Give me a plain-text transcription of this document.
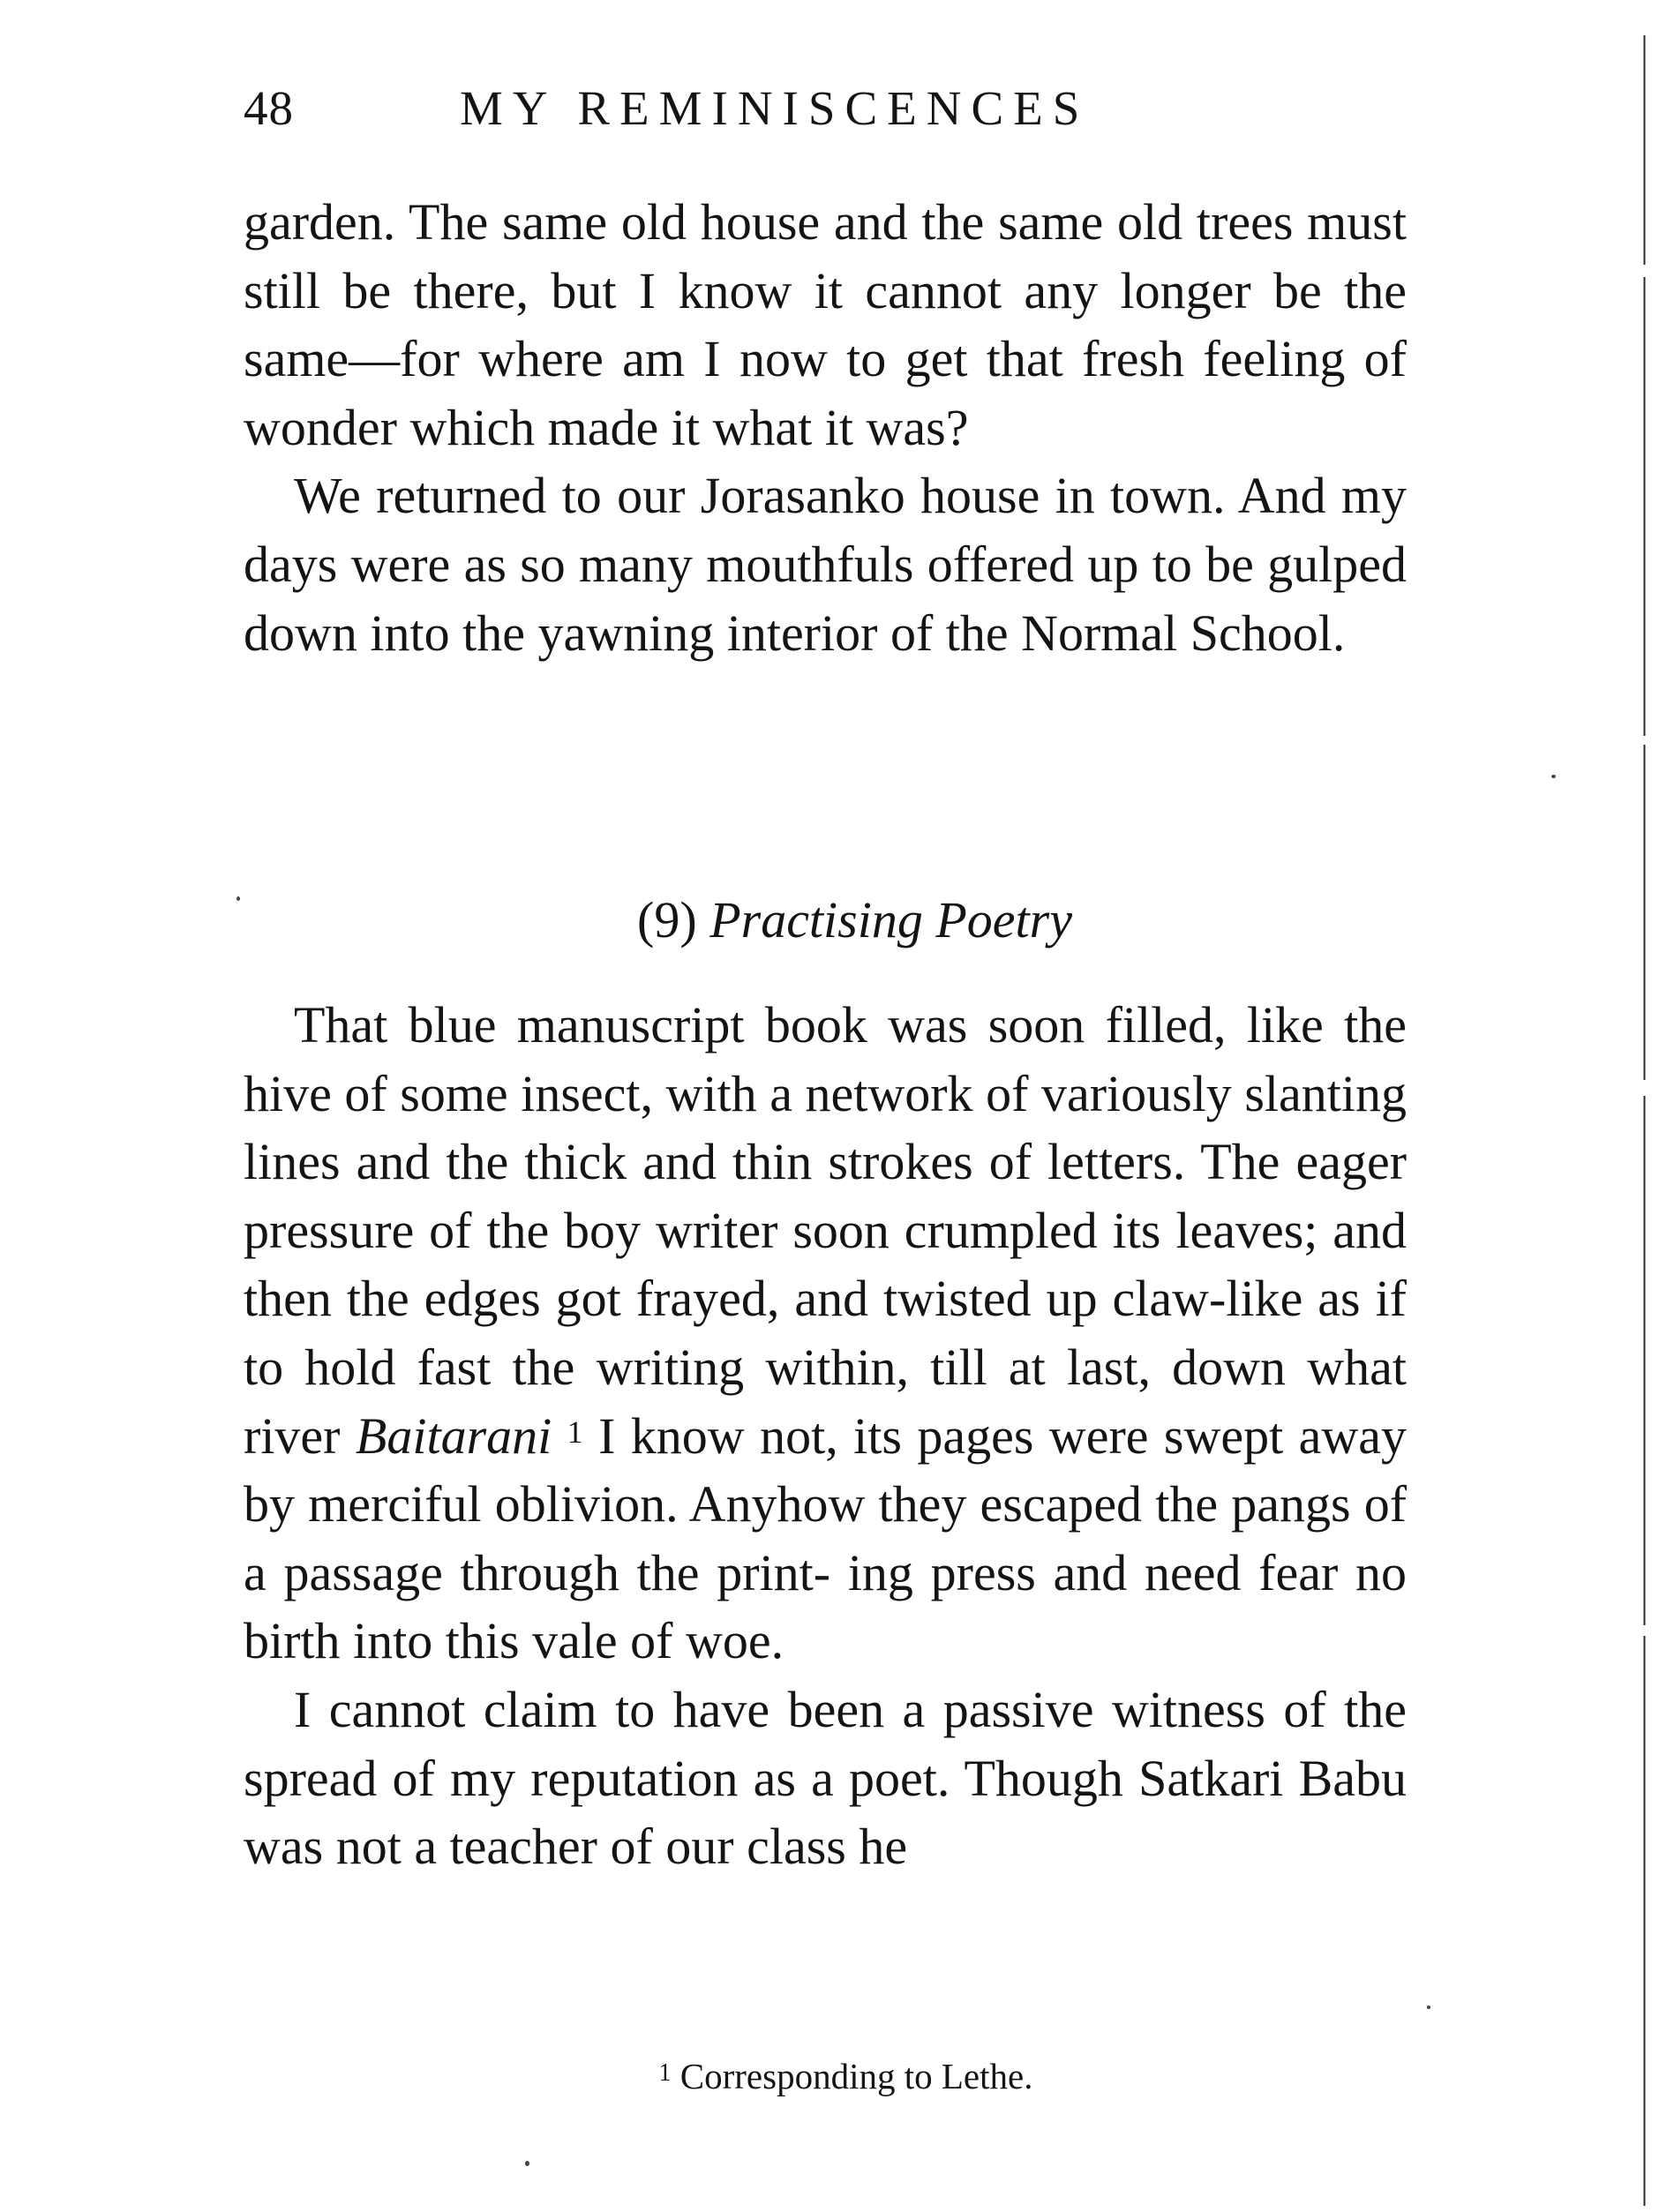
48	MY REMINISCENCES

garden. The same old house and the same old trees must still be there, but I know it cannot any longer be the same—for where am I now to get that fresh feeling of wonder which made it what it was?

We returned to our Jorasanko house in town. And my days were as so many mouthfuls offered up to be gulped down into the yawning interior of the Normal School.

(9) Practising Poetry

That blue manuscript book was soon filled, like the hive of some insect, with a network of variously slanting lines and the thick and thin strokes of letters. The eager pressure of the boy writer soon crumpled its leaves; and then the edges got frayed, and twisted up claw-like as if to hold fast the writing within, till at last, down what river Baitarani $^1$ I know not, its pages were swept away by merciful oblivion. Anyhow they escaped the pangs of a passage through the print- ing press and need fear no birth into this vale of woe.

I cannot claim to have been a passive witness of the spread of my reputation as a poet. Though Satkari Babu was not a teacher of our class he

$^1$ Corresponding to Lethe.
